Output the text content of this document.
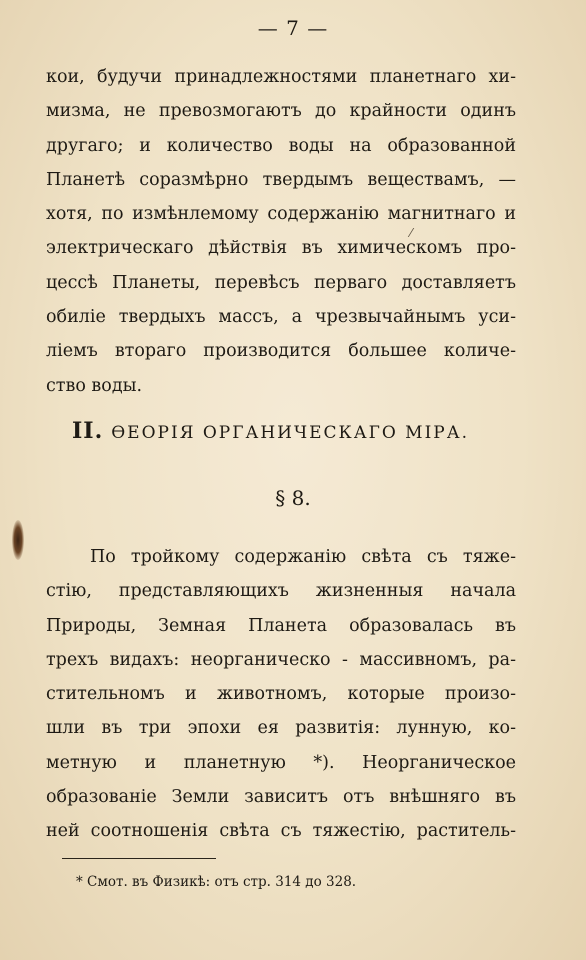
— 7 —
кои, будучи принадлежностями планетнаго хи-
мизма, не превозмогаютъ до крайности одинъ
другаго; и количество воды на образованной
Планетѣ соразмѣрно твердымъ веществамъ, —
хотя, по измѣнлемому содержанію магнитнаго и
электрическаго дѣйствія въ химическомъ про-
цессѣ Планеты, перевѣсъ перваго доставляетъ
обиліе твердыхъ массъ, а чрезвычайнымъ уси-
ліемъ втораго производится большее количе-
ство воды.
⁄
II. ѲЕОРІЯ ОРГАНИЧЕСКАГО МІРА.
§ 8.
По тройкому содержанію свѣта съ тяже-
стію, представляющихъ жизненныя начала
Природы, Земная Планета образовалась въ
трехъ видахъ: неорганическо - массивномъ, ра-
стительномъ и животномъ, которые произо-
шли въ три эпохи ея развитія: лунную, ко-
метную и планетную *). Неорганическое
образованіе Земли зависитъ отъ внѣшняго въ
ней соотношенія свѣта съ тяжестію, раститель-
* Смот. въ Физикѣ: отъ стр. 314 до 328.
